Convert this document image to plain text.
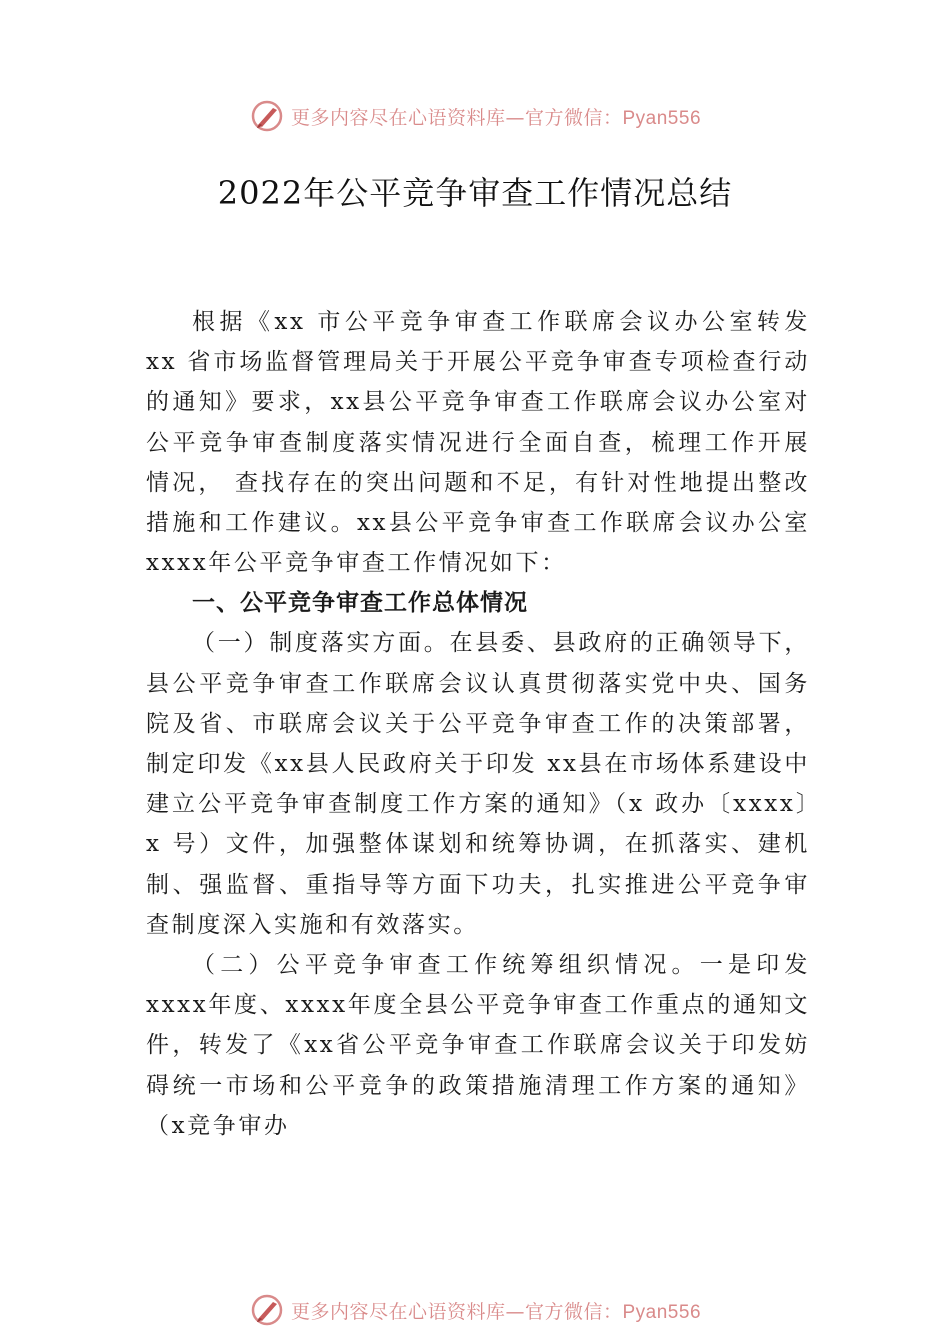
更多内容尽在心语资料库—官方微信：Pyan556
2022年公平竞争审查工作情况总结

根据《xx 市公平竞争审查工作联席会议办公室转发 xx 省市场监督管理局关于开展公平竞争审查专项检查行动的通知》要求，xx县公平竞争审查工作联席会议办公室对公平竞争审查制度落实情况进行全面自查，梳理工作开展情况， 查找存在的突出问题和不足，有针对性地提出整改措施和工作建议。xx县公平竞争审查工作联席会议办公室 xxxx年公平竞争审查工作情况如下：

一、公平竞争审查工作总体情况

（一）制度落实方面。在县委、县政府的正确领导下，县公平竞争审查工作联席会议认真贯彻落实党中央、国务院及省、市联席会议关于公平竞争审查工作的决策部署，制定印发《xx县人民政府关于印发 xx县在市场体系建设中建立公平竞争审查制度工作方案的通知》（x 政办〔xxxx〕x 号）文件，加强整体谋划和统筹协调，在抓落实、建机制、强监督、重指导等方面下功夫，扎实推进公平竞争审查制度深入实施和有效落实。

（二）公平竞争审查工作统筹组织情况。一是印发 xxxx年度、xxxx年度全县公平竞争审查工作重点的通知文件，转发了《xx省公平竞争审查工作联席会议关于印发妨碍统一市场和公平竞争的政策措施清理工作方案的通知》（x竞争审办

更多内容尽在心语资料库—官方微信：Pyan556
